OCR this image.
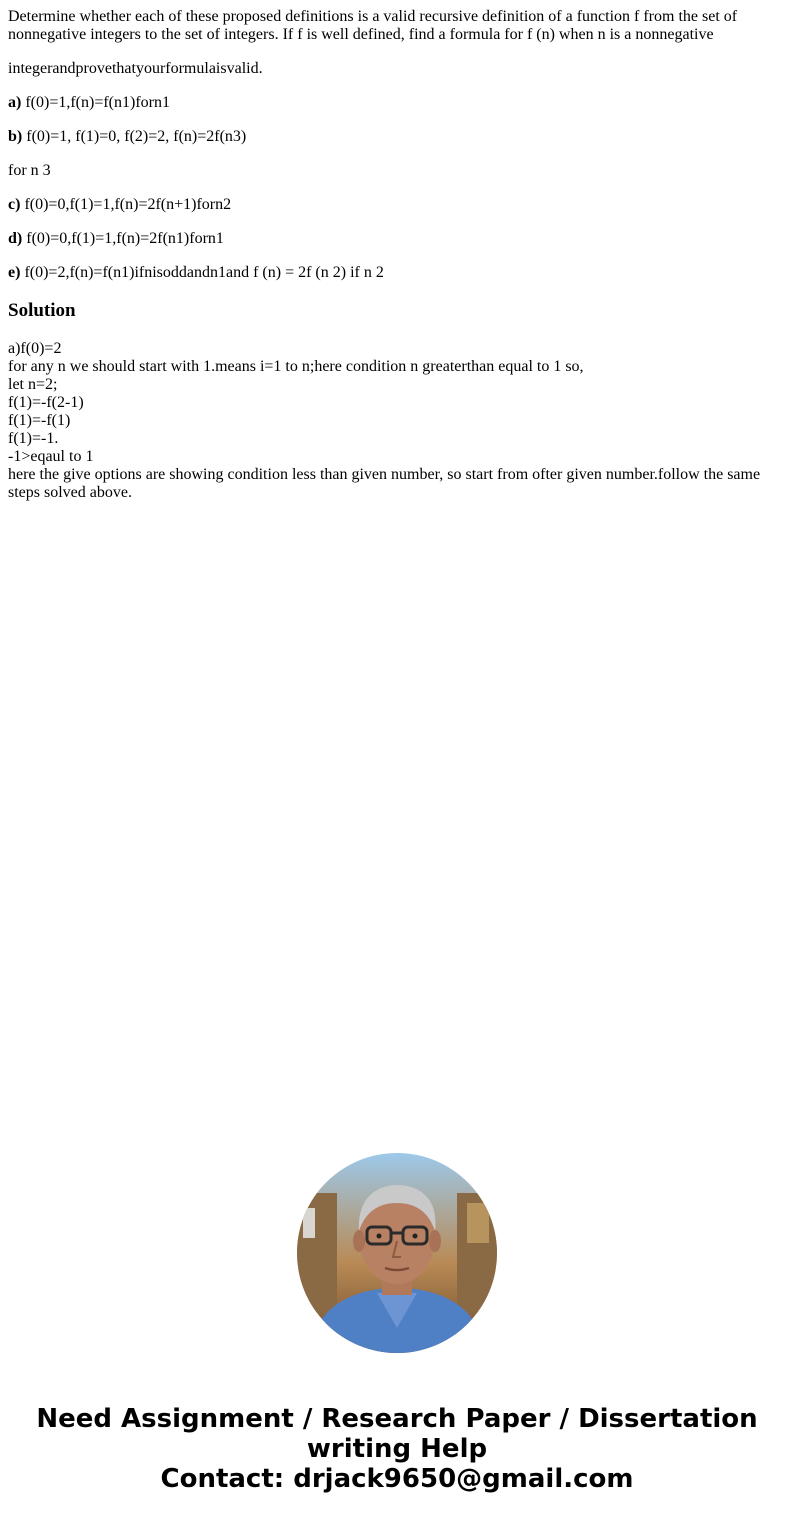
Determine whether each of these proposed definitions is a valid recursive definition of a function f from the set of nonnegative integers to the set of integers. If f is well defined, find a formula for f (n) when n is a nonnegative

integerandprovethatyourformulaisvalid.

a) f(0)=1,f(n)=f(n1)forn1

b) f(0)=1, f(1)=0, f(2)=2, f(n)=2f(n3)

for n 3

c) f(0)=0,f(1)=1,f(n)=2f(n+1)forn2

d) f(0)=0,f(1)=1,f(n)=2f(n1)forn1

e) f(0)=2,f(n)=f(n1)ifnisoddandn1and f (n) = 2f (n 2) if n 2

Solution
a)f(0)=2
for any n we should start with 1.means i=1 to n;here condition n greaterthan equal to 1 so,
let n=2;
f(1)=-f(2-1)
f(1)=-f(1)
f(1)=-1.
-1>eqaul to 1
here the give options are showing condition less than given number, so start from ofter given number.follow the same steps solved above.
Need Assignment / Research Paper / Dissertation
writing Help
Contact: drjack9650@gmail.com
